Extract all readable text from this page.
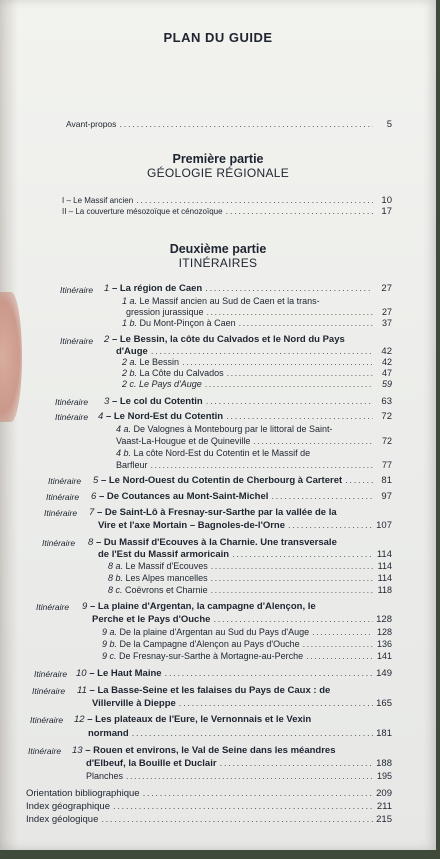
PLAN DU GUIDE
Avant-propos . . .	5
Première partie
GÉOLOGIE RÉGIONALE
I – Le Massif ancien . . .	10
II – La couverture mésozoïque et cénozoïque . . .	17
Deuxième partie
ITINÉRAIRES
Itinéraire 1 – La région de Caen . . .	27
1 a. Le Massif ancien au Sud de Caen et la trans-
gression jurassique . . .	27
1 b. Du Mont-Pinçon à Caen . . .	37
Itinéraire 2 – Le Bessin, la côte du Calvados et le Nord du Pays
d'Auge . . .	42
2 a. Le Bessin . . .	42
2 b. La Côte du Calvados . . .	47
2 c. Le Pays d'Auge . . .	59
Itinéraire 3 – Le col du Cotentin . . .	63
Itinéraire 4 – Le Nord-Est du Cotentin . . .	72
4 a. De Valognes à Montebourg par le littoral de Saint-
Vaast-La-Hougue et de Quineville . . .	72
4 b. La côte Nord-Est du Cotentin et le Massif de
Barfleur . . .	77
Itinéraire 5 – Le Nord-Ouest du Cotentin de Cherbourg à Carteret . . .	81
Itinéraire 6 – De Coutances au Mont-Saint-Michel . . .	97
Itinéraire 7 – De Saint-Lô à Fresnay-sur-Sarthe par la vallée de la
Vire et l'axe Mortain – Bagnoles-de-l'Orne . . .	107
Itinéraire 8 – Du Massif d'Ecouves à la Charnie. Une transversale
de l'Est du Massif armoricain . . .	114
8 a. Le Massif d'Ecouves . . .	114
8 b. Les Alpes mancelles . . .	114
8 c. Coëvrons et Charnie . . .	118
Itinéraire 9 – La plaine d'Argentan, la campagne d'Alençon, le
Perche et le Pays d'Ouche . . .	128
9 a. De la plaine d'Argentan au Sud du Pays d'Auge . . .	128
9 b. De la Campagne d'Alençon au Pays d'Ouche . . .	136
9 c. De Fresnay-sur-Sarthe à Mortagne-au-Perche . . .	141
Itinéraire 10 – Le Haut Maine . . .	149
Itinéraire 11 – La Basse-Seine et les falaises du Pays de Caux : de
Villerville à Dieppe . . .	165
Itinéraire 12 – Les plateaux de l'Eure, le Vernonnais et le Vexin
normand . . .	181
Itinéraire 13 – Rouen et environs, le Val de Seine dans les méandres
d'Elbeuf, la Bouille et Duclair . . .	188
Planches . . .	195
Orientation bibliographique . . .	209
Index géographique . . .	211
Index géologique . . .	215
